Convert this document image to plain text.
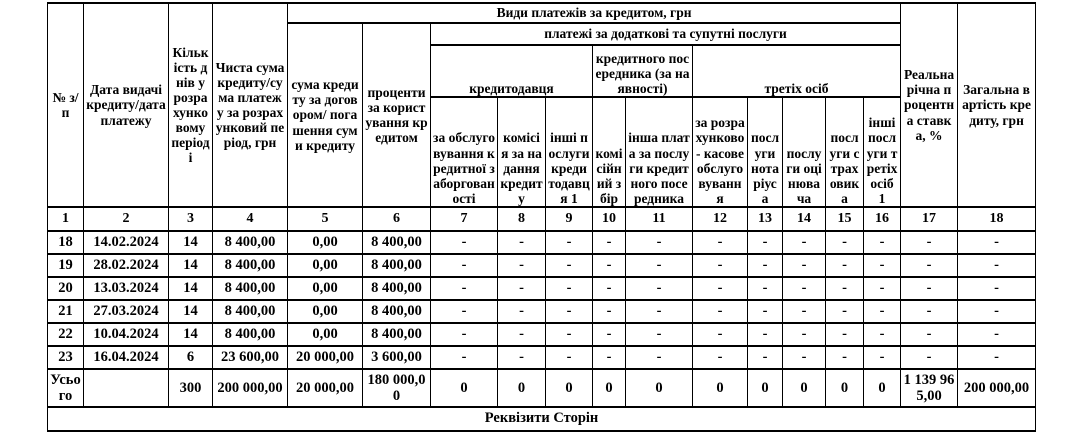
№ з/п	Дата видачі кредиту/дата платежу	Кількість днів у розрахунковому періоді	Чиста сума кредиту/сума платежу за розрахунковий період, грн	Види платежів за кредитом, грн												Реальна річна процентна ставка, %	Загальна вартість кредиту, грн
				сума кредиту за договором/ погашення суми кредиту	проценти за користування кредитом	платежі за додаткові та супутні послуги											
						кредитодавця			кредитного посередника (за наявності)		третіх осіб						
						за обслуговування кредитної заборгованості	комісія за надання кредиту	інші послуги кредитодавця 1	комісійний збір	інша плата за послуги кредитного посередника	за розрахунково- касове обслуговування	послуги нотаріуса	послуги оцінювача	послуги страховика	інші послуги третіх осіб 1		
1	2	3	4	5	6	7	8	9	10	11	12	13	14	15	16	17	18
18	14.02.2024	14	8 400,00	0,00	8 400,00	-	-	-	-	-	-	-	-	-	-	-	-
19	28.02.2024	14	8 400,00	0,00	8 400,00	-	-	-	-	-	-	-	-	-	-	-	-
20	13.03.2024	14	8 400,00	0,00	8 400,00	-	-	-	-	-	-	-	-	-	-	-	-
21	27.03.2024	14	8 400,00	0,00	8 400,00	-	-	-	-	-	-	-	-	-	-	-	-
22	10.04.2024	14	8 400,00	0,00	8 400,00	-	-	-	-	-	-	-	-	-	-	-	-
23	16.04.2024	6	23 600,00	20 000,00	3 600,00	-	-	-	-	-	-	-	-	-	-	-	-
Усього		300	200 000,00	20 000,00	180 000,00	0	0	0	0	0	0	0	0	0	0	1 139 965,00	200 000,00
Реквізити Сторін																	
